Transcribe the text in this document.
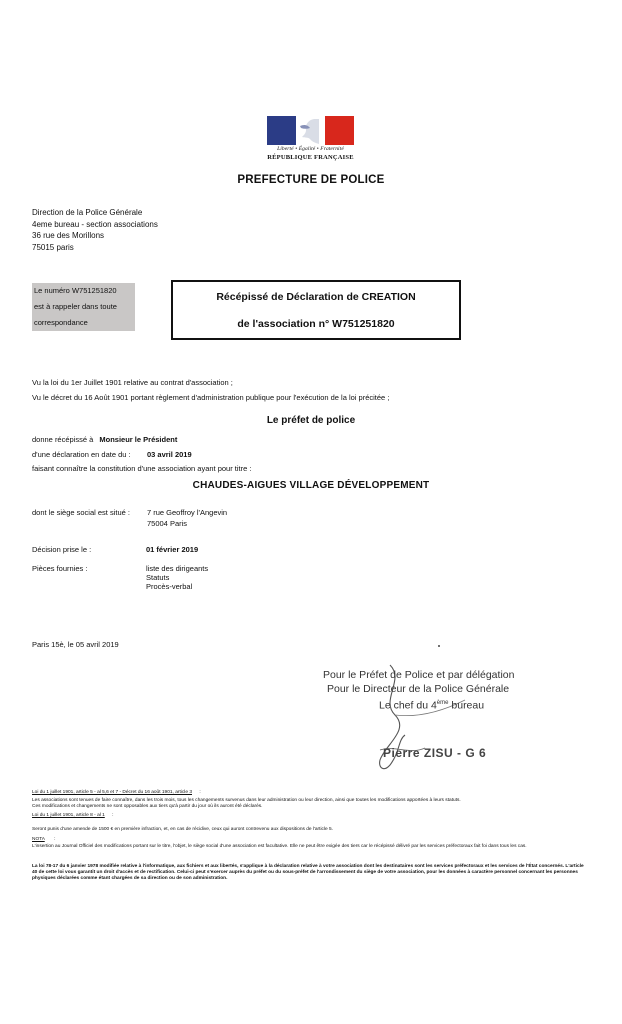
Liberté • Égalité • Fraternité
RÉPUBLIQUE FRANÇAISE
PREFECTURE DE POLICE
Direction de la Police Générale
4eme bureau - section associations
36 rue des Morillons
75015 paris
Le numéro W751251820
est à rappeler dans toute
correspondance
Récépissé de Déclaration de CREATION
de l'association n° W751251820
Vu la loi du 1er Juillet 1901 relative au contrat d'association ;
Vu le décret du 16 Août 1901 portant règlement d'administration publique pour l'exécution de la loi précitée ;
Le préfet de police
donne récépissé à Monsieur le Président
d'une déclaration en date du : 03 avril 2019
faisant connaître la constitution d'une association ayant pour titre :
CHAUDES-AIGUES VILLAGE DÉVELOPPEMENT
dont le siège social est situé : 7 rue Geoffroy l'Angevin
75004 Paris
Décision prise le :	01 février 2019
Pièces fournies :	liste des dirigeants
Statuts
Procès-verbal
Paris 15è, le 05 avril 2019
Pour le Préfet de Police et par délégation
Pour le Directeur de la Police Générale
Le chef du 4ème bureau
Pierre ZISU - G 6
Loi du 1 juillet 1901, article 5 - al 5,6 et 7 - Décret du 16 août 1901, article 3 :
Les associations sont tenues de faire connaître, dans les trois mois, tous les changements survenus dans leur administration ou leur direction, ainsi que toutes les modifications apportées à leurs statuts.
Ces modifications et changements ne sont opposables aux tiers qu'à partir du jour où ils auront été déclarés.
Loi du 1 juillet 1901, article 8 - al 1 :
Seront punis d'une amende de 1500 € en première infraction, et, en cas de récidive, ceux qui auront contrevenu aux dispositions de l'article 5.
NOTA :
L'insertion au Journal Officiel des modifications portant sur le titre, l'objet, le siège social d'une association est facultative. Elle ne peut être exigée des tiers car le récépissé délivré par les services préfectoraux fait foi dans tous les cas.
La loi 78-17 du 6 janvier 1978 modifiée relative à l'informatique, aux fichiers et aux libertés, s'applique à la déclaration relative à votre association dont les destinataires sont les services préfectoraux et les services de l'État concernés. L'article 40 de cette loi vous garantit un droit d'accès et de rectification. Celui-ci peut s'exercer auprès du préfet ou du sous-préfet de l'arrondissement du siège de votre association, pour les données à caractère personnel concernant les personnes physiques déclarées comme étant chargées de sa direction ou de son administration.
